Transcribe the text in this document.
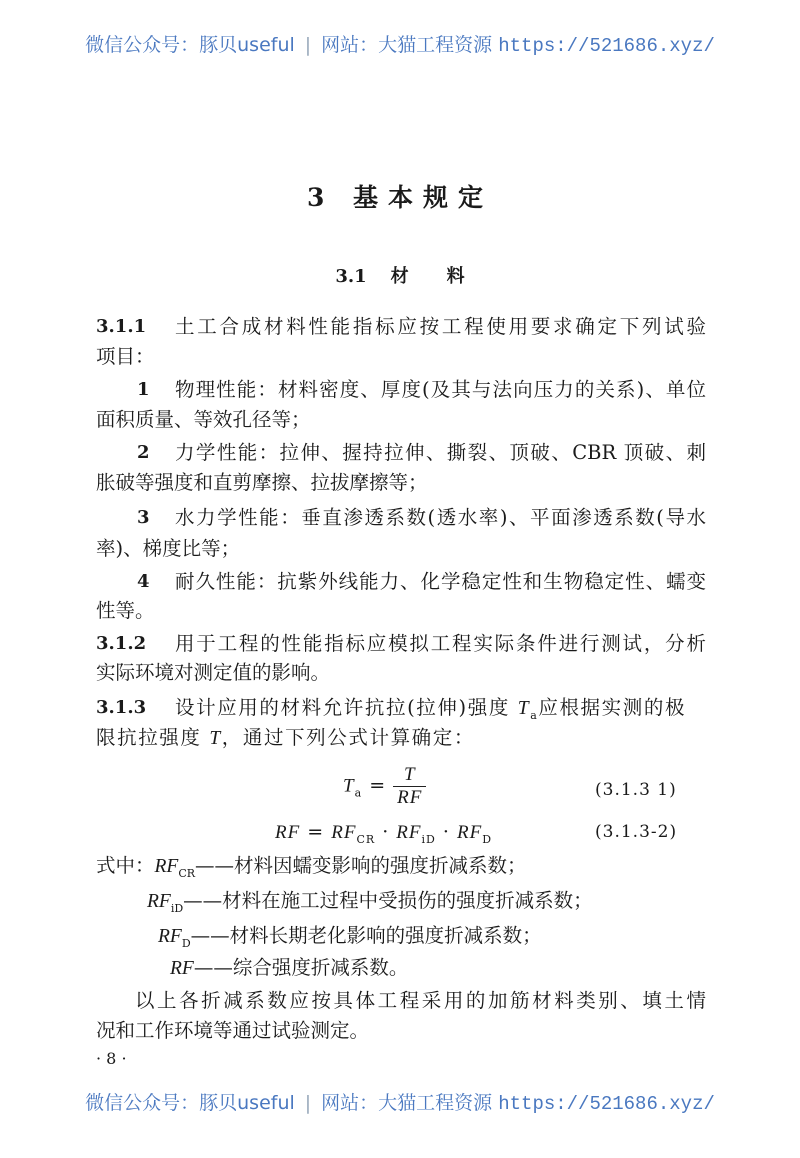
微信公众号：豚贝useful | 网站：大猫工程资源 https://521686.xyz/
3 基本规定
3.1 材 料
3.1.1 土工合成材料性能指标应按工程使用要求确定下列试验
项目：
1 物理性能：材料密度、厚度(及其与法向压力的关系)、单位
面积质量、等效孔径等；
2 力学性能：拉伸、握持拉伸、撕裂、顶破、CBR 顶破、刺
胀破等强度和直剪摩擦、拉拔摩擦等；
3 水力学性能：垂直渗透系数(透水率)、平面渗透系数(导水
率)、梯度比等；
4 耐久性能：抗紫外线能力、化学稳定性和生物稳定性、蠕变
性等。
3.1.2 用于工程的性能指标应模拟工程实际条件进行测试，分析
实际环境对测定值的影响。
3.1.3 设计应用的材料允许抗拉(拉伸)强度 $T_a$应根据实测的极
限抗拉强度 T，通过下列公式计算确定：
$T_a = \frac{T}{RF}$	(3.1.3 1)
RF = $RF_{CR} \cdot RF_{iD} \cdot RF_D$	(3.1.3-2)
式中：$RF_{CR}——$材料因蠕变影响的强度折减系数；
$RF_{iD}——$材料在施工过程中受损伤的强度折减系数；
$RF_D——$材料长期老化影响的强度折减系数；
RF——综合强度折减系数。
以上各折减系数应按具体工程采用的加筋材料类别、填土情
况和工作环境等通过试验测定。
· 8 ·
微信公众号：豚贝useful | 网站：大猫工程资源 https://521686.xyz/
